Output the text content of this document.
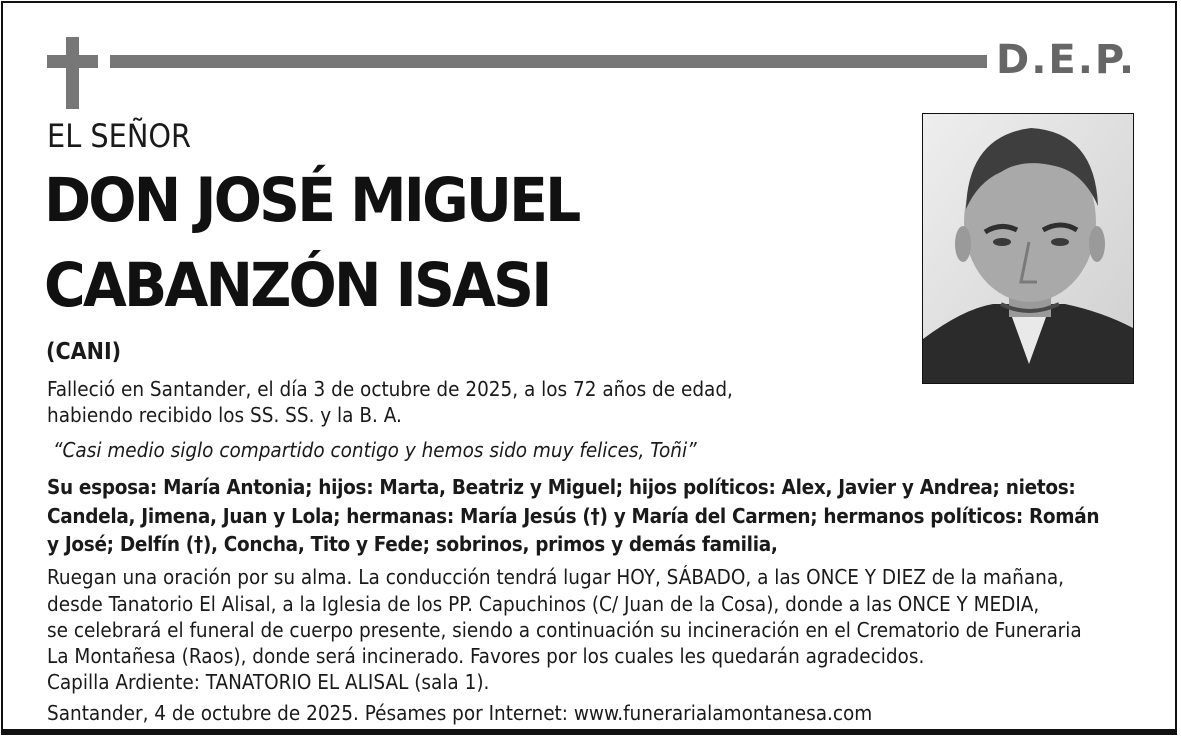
D.E.P.
EL SEÑOR
DON JOSÉ MIGUEL
CABANZÓN ISASI
(CANI)
Falleció en Santander, el día 3 de octubre de 2025, a los 72 años de edad,
habiendo recibido los SS. SS. y la B. A.
“Casi medio siglo compartido contigo y hemos sido muy felices, Toñi”
Su esposa: María Antonia; hijos: Marta, Beatriz y Miguel; hijos políticos: Alex, Javier y Andrea; nietos:
Candela, Jimena, Juan y Lola; hermanas: María Jesús (†) y María del Carmen; hermanos políticos: Román
y José; Delfín (†), Concha, Tito y Fede; sobrinos, primos y demás familia,
Ruegan una oración por su alma. La conducción tendrá lugar HOY, SÁBADO, a las ONCE Y DIEZ de la mañana,
desde Tanatorio El Alisal, a la Iglesia de los PP. Capuchinos (C/ Juan de la Cosa), donde a las ONCE Y MEDIA,
se celebrará el funeral de cuerpo presente, siendo a continuación su incineración en el Crematorio de Funeraria
La Montañesa (Raos), donde será incinerado. Favores por los cuales les quedarán agradecidos.
Capilla Ardiente: TANATORIO EL ALISAL (sala 1).
Santander, 4 de octubre de 2025. Pésames por Internet: www.funerarialamontanesa.com
